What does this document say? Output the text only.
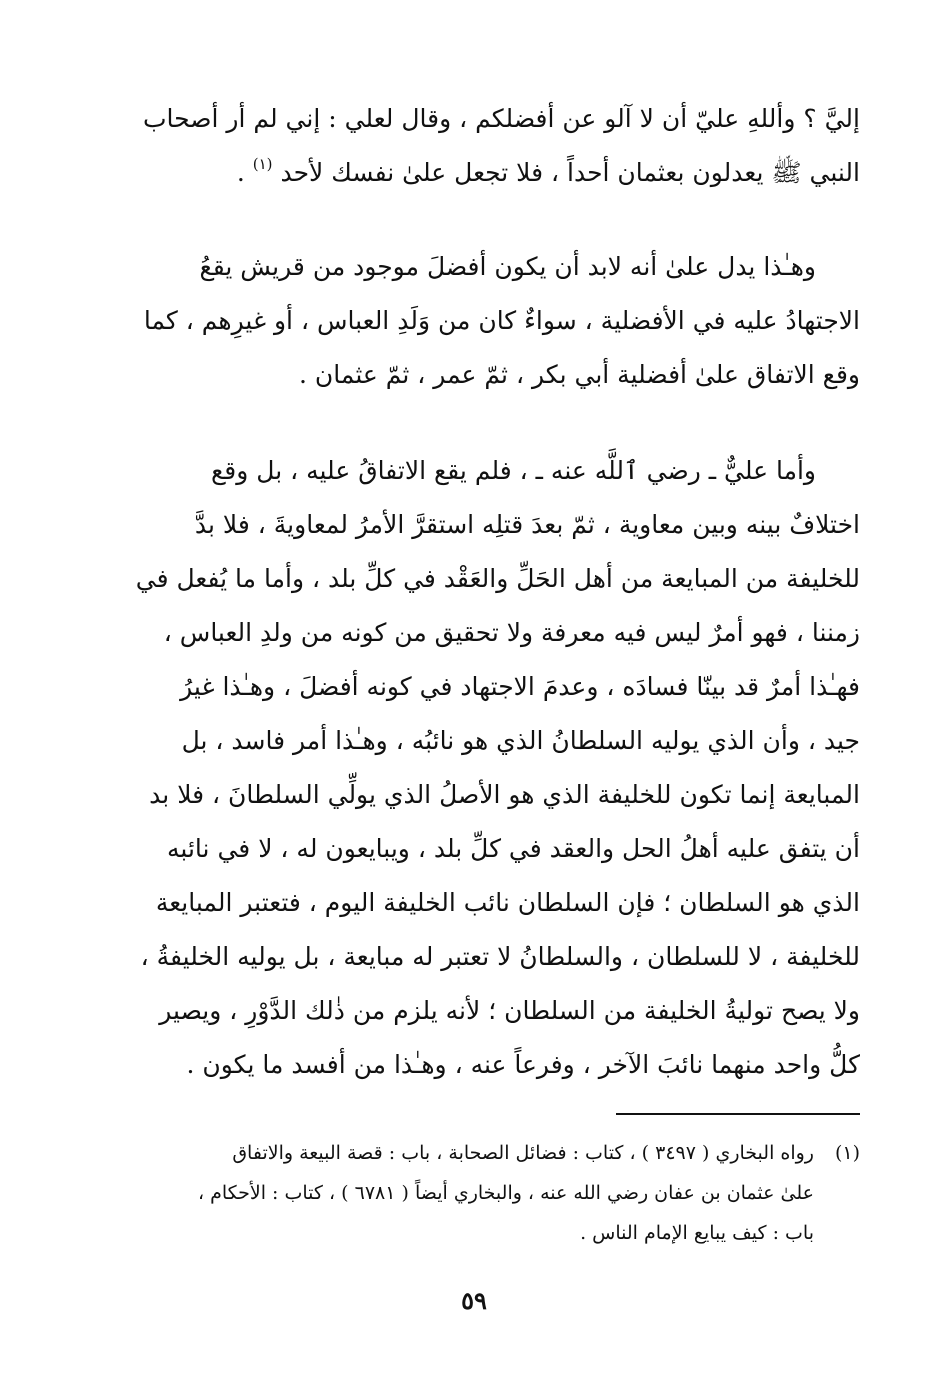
إليَّ ؟ وأللهِ عليّ أن لا آلو عن أفضلكم ، وقال لعلي : إني لم أر أصحاب
النبي ﷺ يعدلون بعثمان أحداً ، فلا تجعل علىٰ نفسك لأحد $^{(١)}$ .
وهـٰذا يدل علىٰ أنه لابد أن يكون أفضلَ موجود من قريش يقعُ
الاجتهادُ عليه في الأفضلية ، سواءٌ كان من وَلَدِ العباس ، أو غيرِهم ، كما
وقع الاتفاق علىٰ أفضلية أبي بكر ، ثمّ عمر ، ثمّ عثمان .
وأما عليٌّ ـ رضي ٱللَّه عنه ـ ، فلم يقع الاتفاقُ عليه ، بل وقع
اختلافٌ بينه وبين معاوية ، ثمّ بعدَ قتلِه استقرَّ الأمرُ لمعاويةَ ، فلا بدَّ
للخليفة من المبايعة من أهل الحَلِّ والعَقْد في كلِّ بلد ، وأما ما يُفعل في
زمننا ، فهو أمرٌ ليس فيه معرفة ولا تحقيق من كونه من ولدِ العباس ،
فهـٰذا أمرٌ قد بينّا فسادَه ، وعدمَ الاجتهاد في كونه أفضلَ ، وهـٰذا غيرُ
جيد ، وأن الذي يوليه السلطانُ الذي هو نائبُه ، وهـٰذا أمر فاسد ، بل
المبايعة إنما تكون للخليفة الذي هو الأصلُ الذي يولِّي السلطانَ ، فلا بد
أن يتفق عليه أهلُ الحل والعقد في كلِّ بلد ، ويبايعون له ، لا في نائبه
الذي هو السلطان ؛ فإن السلطان نائب الخليفة اليوم ، فتعتبر المبايعة
للخليفة ، لا للسلطان ، والسلطانُ لا تعتبر له مبايعة ، بل يوليه الخليفةُ ،
ولا يصح توليةُ الخليفة من السلطان ؛ لأنه يلزم من ذٰلك الدَّوْرِ ، ويصير
كلُّ واحد منهما نائبَ الآخر ، وفرعاً عنه ، وهـٰذا من أفسد ما يكون .
(١)
رواه البخاري ( ٣٤٩٧ ) ، كتاب : فضائل الصحابة ، باب : قصة البيعة والاتفاق
علىٰ عثمان بن عفان رضي الله عنه ، والبخاري أيضاً ( ٦٧٨١ ) ، كتاب : الأحكام ،
باب : كيف يبايع الإمام الناس .
٥٩
